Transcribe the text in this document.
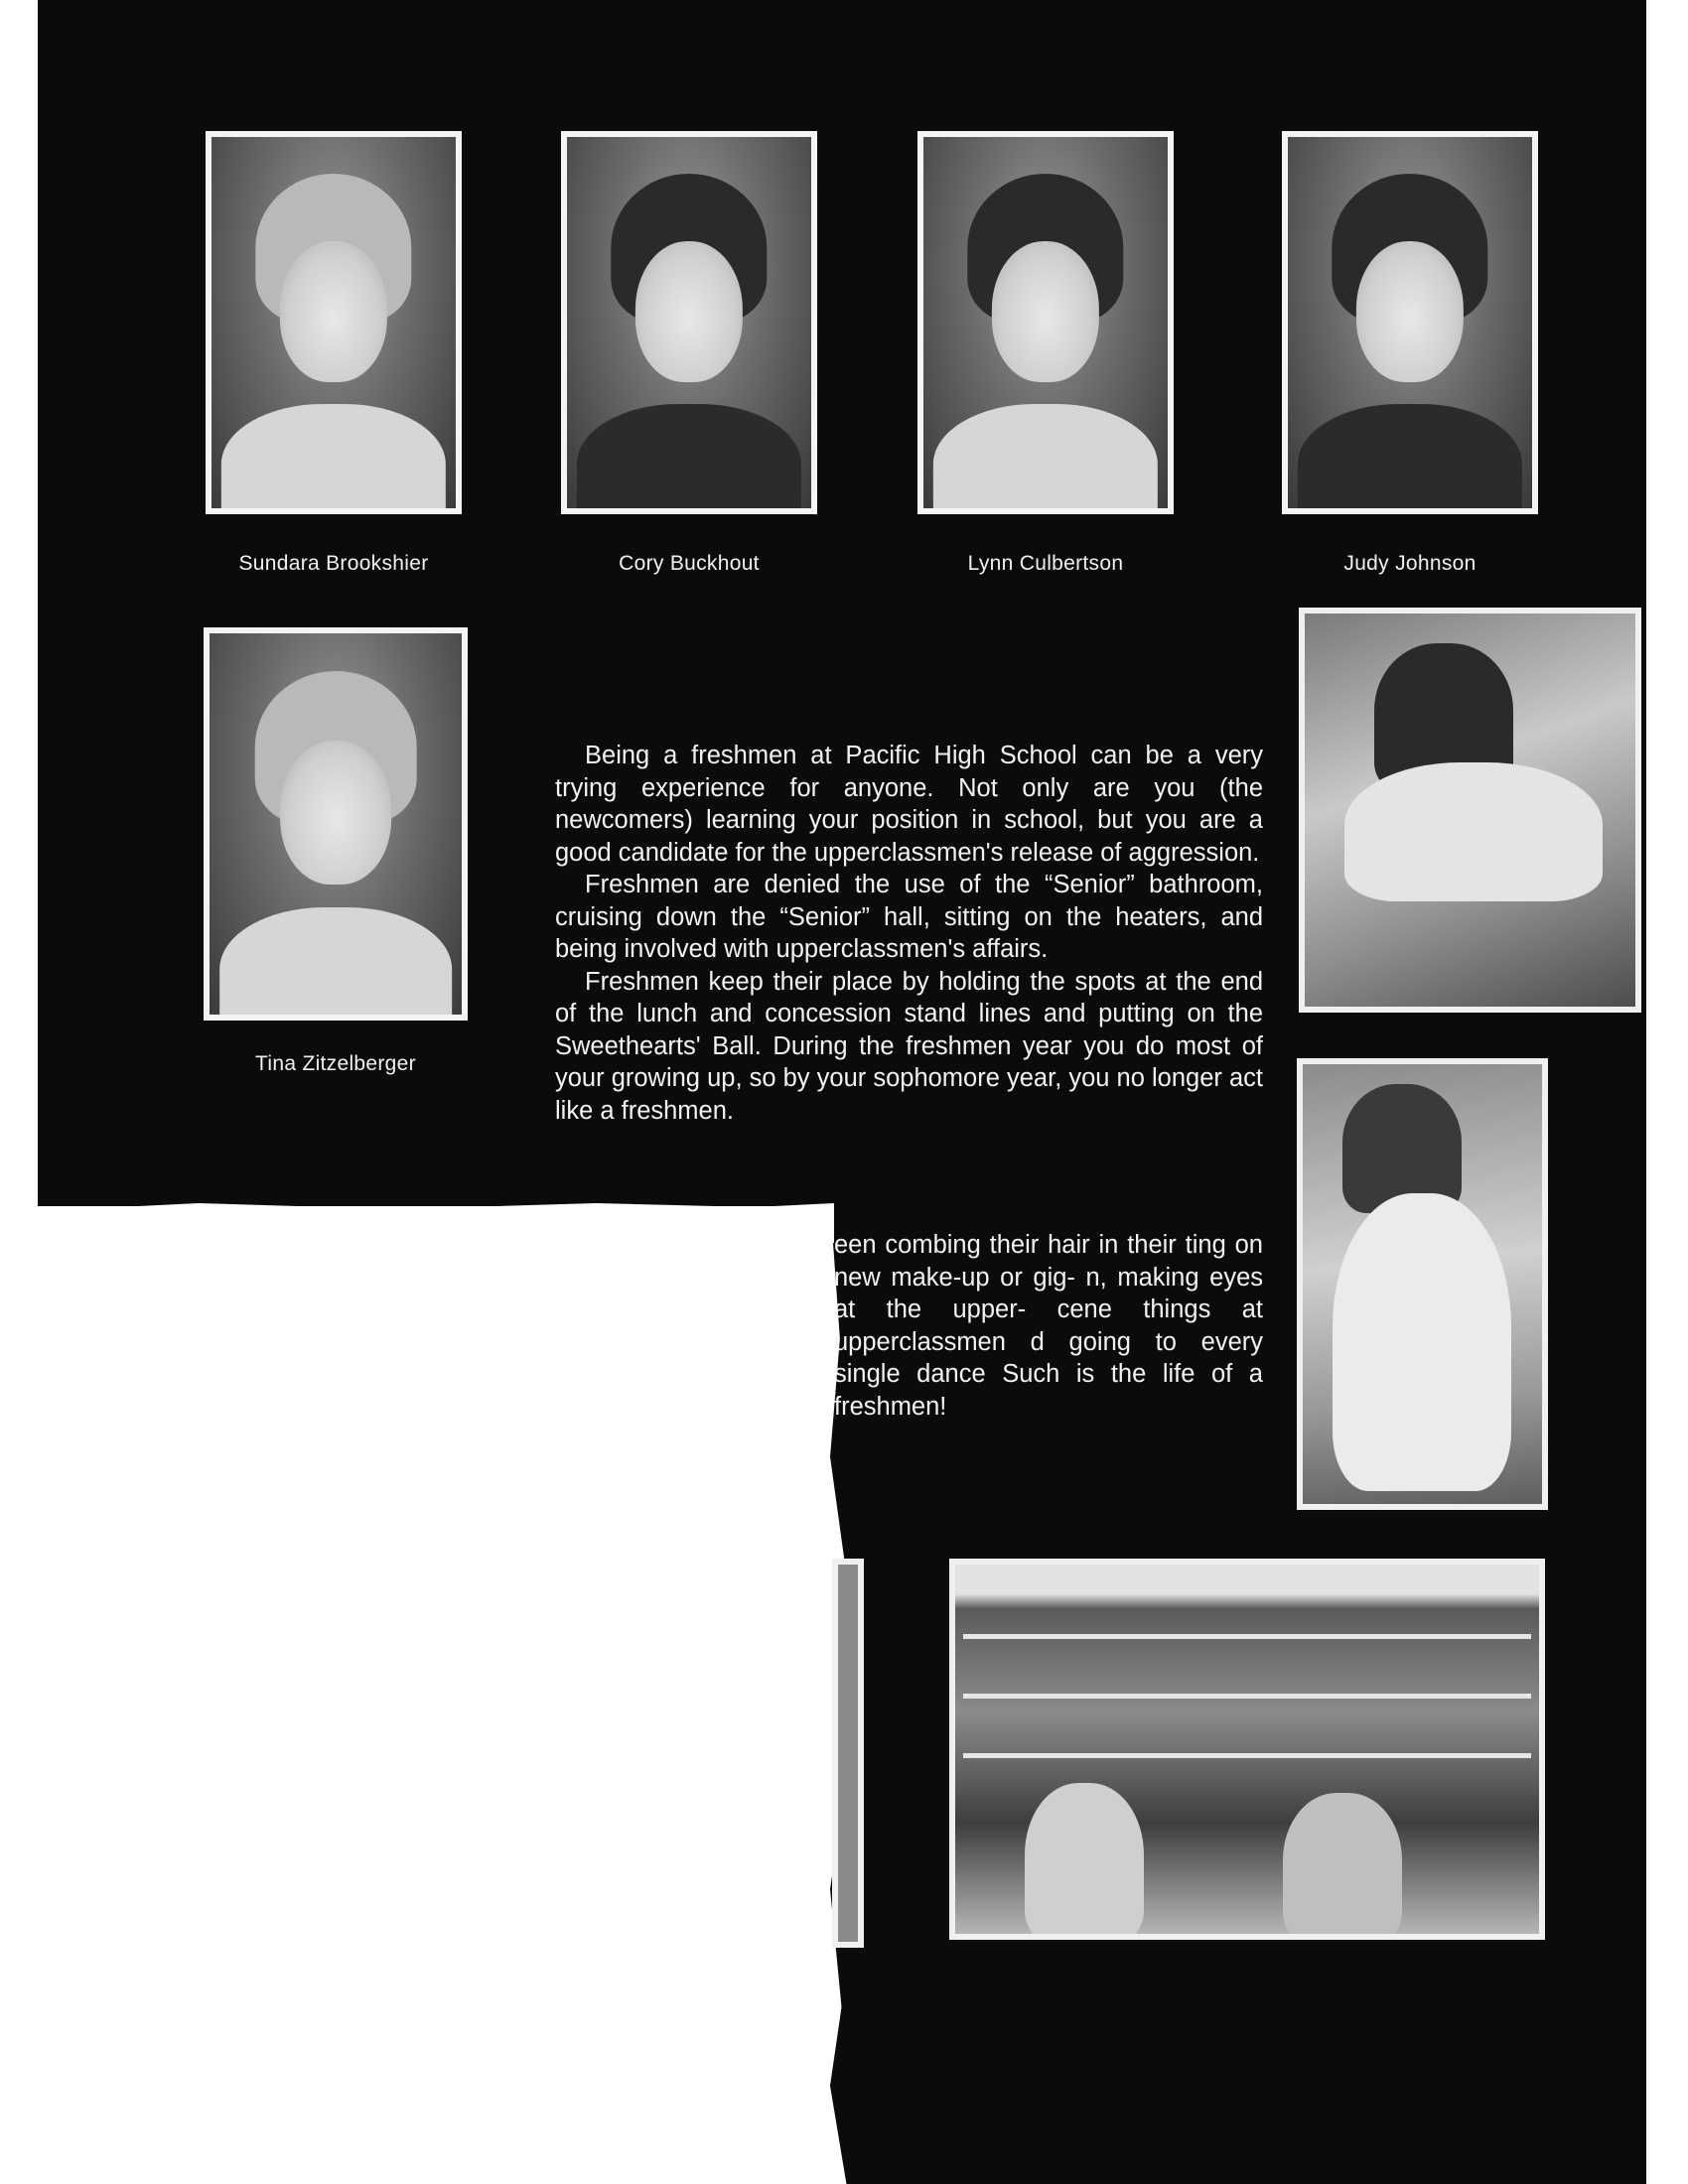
Sundara Brookshier	Cory Buckhout	Lynn Culbertson	Judy Johnson
Tina Zitzelberger

Being a freshmen at Pacific High School can be a very trying experience for anyone. Not only are you (the newcomers) learning your position in school, but you are a good candidate for the upperclassmen's release of aggression.

Freshmen are denied the use of the “Senior” bathroom, cruising down the “Senior” hall, sitting on the heaters, and being involved with upperclassmen's affairs.

Freshmen keep their place by holding the spots at the end of the lunch and concession stand lines and putting on the Sweethearts' Ball. During the freshmen year you do most of your growing up, so by your sophomore year, you no longer act like a freshmen.

een combing their hair in their ting on new make-up or gig- n, making eyes at the upper- cene things at upperclassmen d going to every single dance Such is the life of a freshmen!
